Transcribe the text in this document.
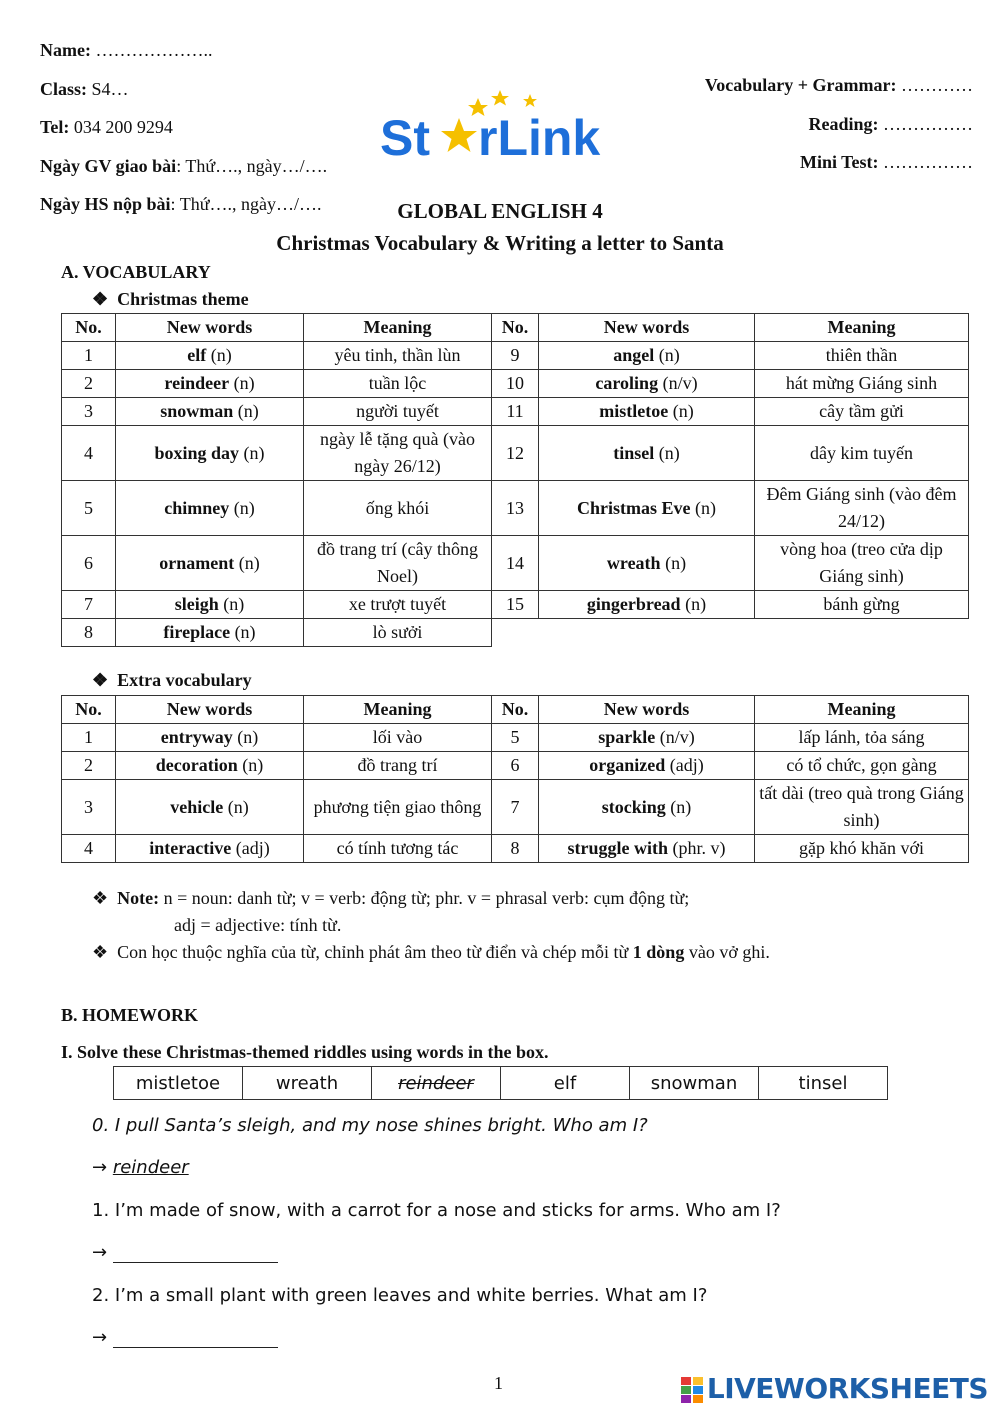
Name: ………………..
Class: S4…
Tel: 034 200 9294
Ngày GV giao bài: Thứ…., ngày…/….
Ngày HS nộp bài: Thứ…., ngày…/….
Vocabulary + Grammar: …………
Reading: ……………
Mini Test: ……………
St rLink
GLOBAL ENGLISH 4
Christmas Vocabulary & Writing a letter to Santa
A. VOCABULARY
❖  Christmas theme
No.	New words	Meaning	No.	New words	Meaning
1	elf (n)	yêu tinh, thần lùn	9	angel (n)	thiên thần
2	reindeer (n)	tuần lộc	10	caroling (n/v)	hát mừng Giáng sinh
3	snowman (n)	người tuyết	11	mistletoe (n)	cây tầm gửi
4	boxing day (n)	ngày lễ tặng quà (vào ngày 26/12)	12	tinsel (n)	dây kim tuyến
5	chimney (n)	ống khói	13	Christmas Eve (n)	Đêm Giáng sinh (vào đêm 24/12)
6	ornament (n)	đồ trang trí (cây thông Noel)	14	wreath (n)	vòng hoa (treo cửa dịp Giáng sinh)
7	sleigh (n)	xe trượt tuyết	15	gingerbread (n)	bánh gừng
8	fireplace (n)	lò sưởi			
❖  Extra vocabulary
No.	New words	Meaning	No.	New words	Meaning
1	entryway (n)	lối vào	5	sparkle (n/v)	lấp lánh, tỏa sáng
2	decoration (n)	đồ trang trí	6	organized (adj)	có tổ chức, gọn gàng
3	vehicle (n)	phương tiện giao thông	7	stocking (n)	tất dài (treo quà trong Giáng sinh)
4	interactive (adj)	có tính tương tác	8	struggle with (phr. v)	gặp khó khăn với
❖  Note: n = noun: danh từ; v = verb: động từ; phr. v = phrasal verb: cụm động từ;
adj = adjective: tính từ.
❖  Con học thuộc nghĩa của từ, chỉnh phát âm theo từ điển và chép mỗi từ 1 dòng vào vở ghi.
B. HOMEWORK
I. Solve these Christmas-themed riddles using words in the box.
mistletoe	wreath	reindeer	elf	snowman	tinsel
0. I pull Santa’s sleigh, and my nose shines bright. Who am I?
→ reindeer
1. I’m made of snow, with a carrot for a nose and sticks for arms. Who am I?
→
2. I’m a small plant with green leaves and white berries. What am I?
→
1	LIVEWORKSHEETS
